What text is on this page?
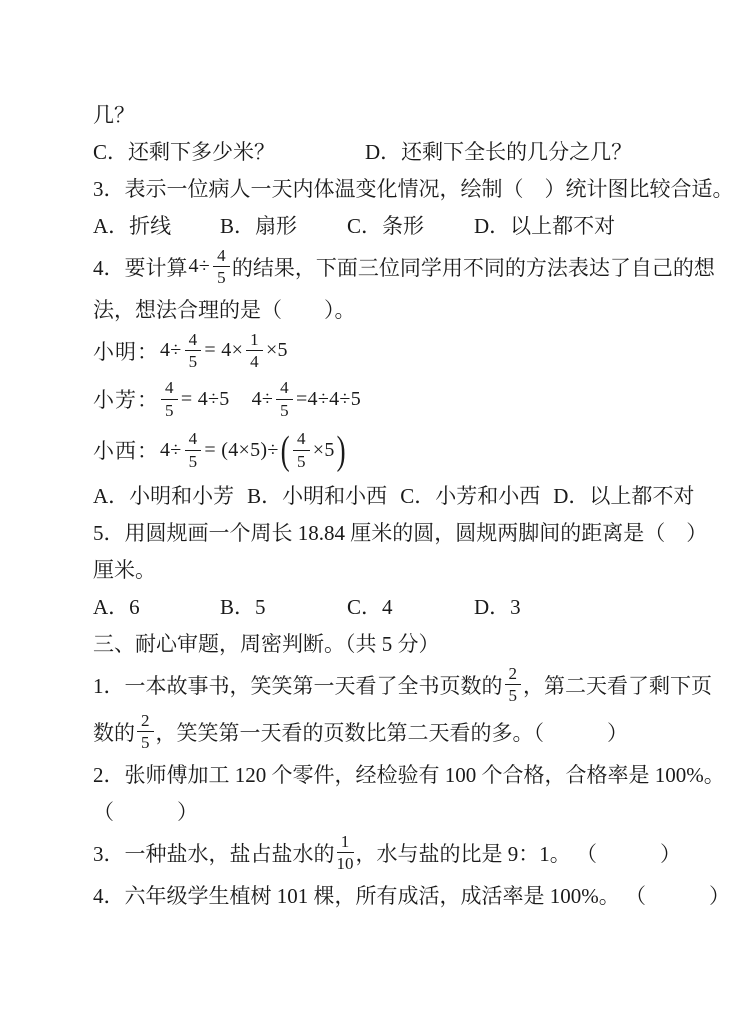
几？
C．还剩下多少米？	D．还剩下全长的几分之几？
3．表示一位病人一天内体温变化情况，绘制（　）统计图比较合适。
A．折线	B．扇形	C．条形	D．以上都不对
4．要计算 $4\div \frac{4}{5}$ 的结果，下面三位同学用不同的方法表达了自己的想
法，想法合理的是（　　）。
小明： $4\div \frac{4}{5} = 4\times \frac{1}{4} \times 5$
小芳： $\frac{4}{5} = 4\div 5$ $4\div \frac{4}{5} =4\div 4\div 5$
小西： $4\div \frac{4}{5} = (4\times 5)\div$ ( $\frac{4}{5} \times 5$ )
A．小明和小芳 B．小明和小西 C．小芳和小西 D．以上都不对
5．用圆规画一个周长 18.84 厘米的圆，圆规两脚间的距离是（　）
厘米。
A．6	B．5	C．4	D．3
三、耐心审题，周密判断。（共 5 分）
1．一本故事书，笑笑第一天看了全书页数的 $\frac{2}{5}$ ，第二天看了剩下页
数的 $\frac{2}{5}$ ，笑笑第一天看的页数比第二天看的多。（　　　）
2．张师傅加工 120 个零件，经检验有 100 个合格，合格率是 100%。
（　　　）
3．一种盐水，盐占盐水的 $\frac{1}{10}$ ，水与盐的比是 9：1。 （　　　）
4．六年级学生植树 101 棵，所有成活，成活率是 100%。 （　　　）
